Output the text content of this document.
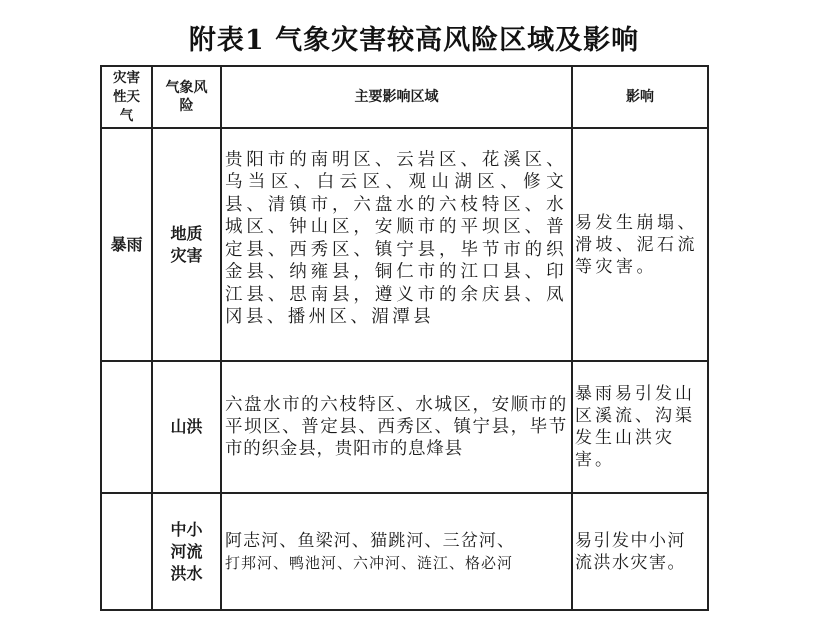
附表1 气象灾害较高风险区域及影响
灾害性天气	气象风险	主要影响区域	影响
暴雨	地质灾害	贵阳市的南明区、云岩区、花溪区、乌当区、白云区、观山湖区、修文县、清镇市，六盘水的六枝特区、水城区、钟山区，安顺市的平坝区、普定县、西秀区、镇宁县，毕节市的织金县、纳雍县，铜仁市的江口县、印江县、思南县，遵义市的余庆县、凤冈县、播州区、湄潭县	易发生崩塌、滑坡、泥石流等灾害。
	山洪	六盘水市的六枝特区、水城区，安顺市的平坝区、普定县、西秀区、镇宁县，毕节市的织金县，贵阳市的息烽县	暴雨易引发山区溪流、沟渠发生山洪灾害。

	中小河流洪水	阿志河、鱼梁河、猫跳河、三岔河、打邦河、鸭池河、六冲河、涟江、格必河	易引发中小河流洪水灾害。
